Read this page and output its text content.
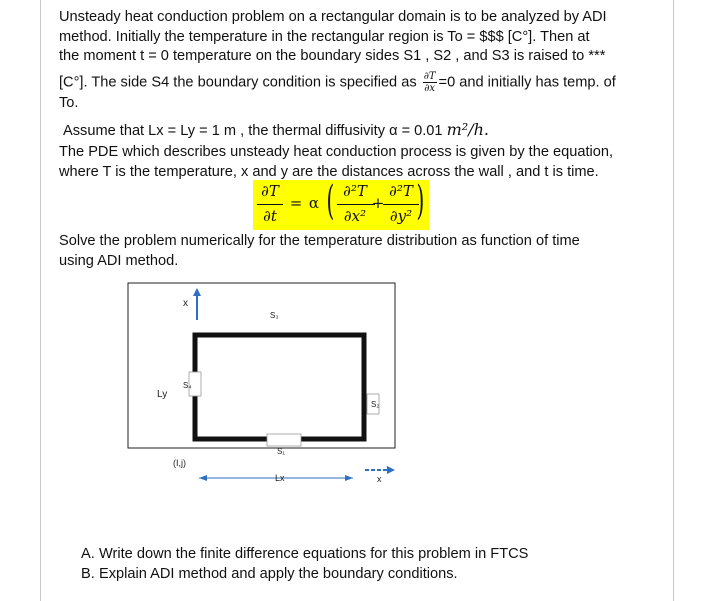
Unsteady heat conduction problem on a rectangular domain is to be analyzed by ADI
method. Initially the temperature in the rectangular region is To = $$$ [C°]. Then at
the moment t = 0 temperature on the boundary sides S1 , S2 , and S3 is raised to ***
[C°]. The side S4 the boundary condition is specified as $\frac{\partial T}{\partial x} =0$ and initially has temp. of
To.
Assume that Lx = Ly = 1 m , the thermal diffusivity α = 0.01 m²/h.
The PDE which describes unsteady heat conduction process is given by the equation,
where T is the temperature, x and y are the distances across the wall , and t is time.
∂T
∂t
= α ( ∂²T
∂x²
+
∂²T
∂y² )
Solve the problem numerically for the temperature distribution as function of time
using ADI method.
x
S₃
S₄
Ly
S₂
S₁
(I,j)
Lx	x
A. Write down the finite difference equations for this problem in FTCS
B. Explain ADI method and apply the boundary conditions.
